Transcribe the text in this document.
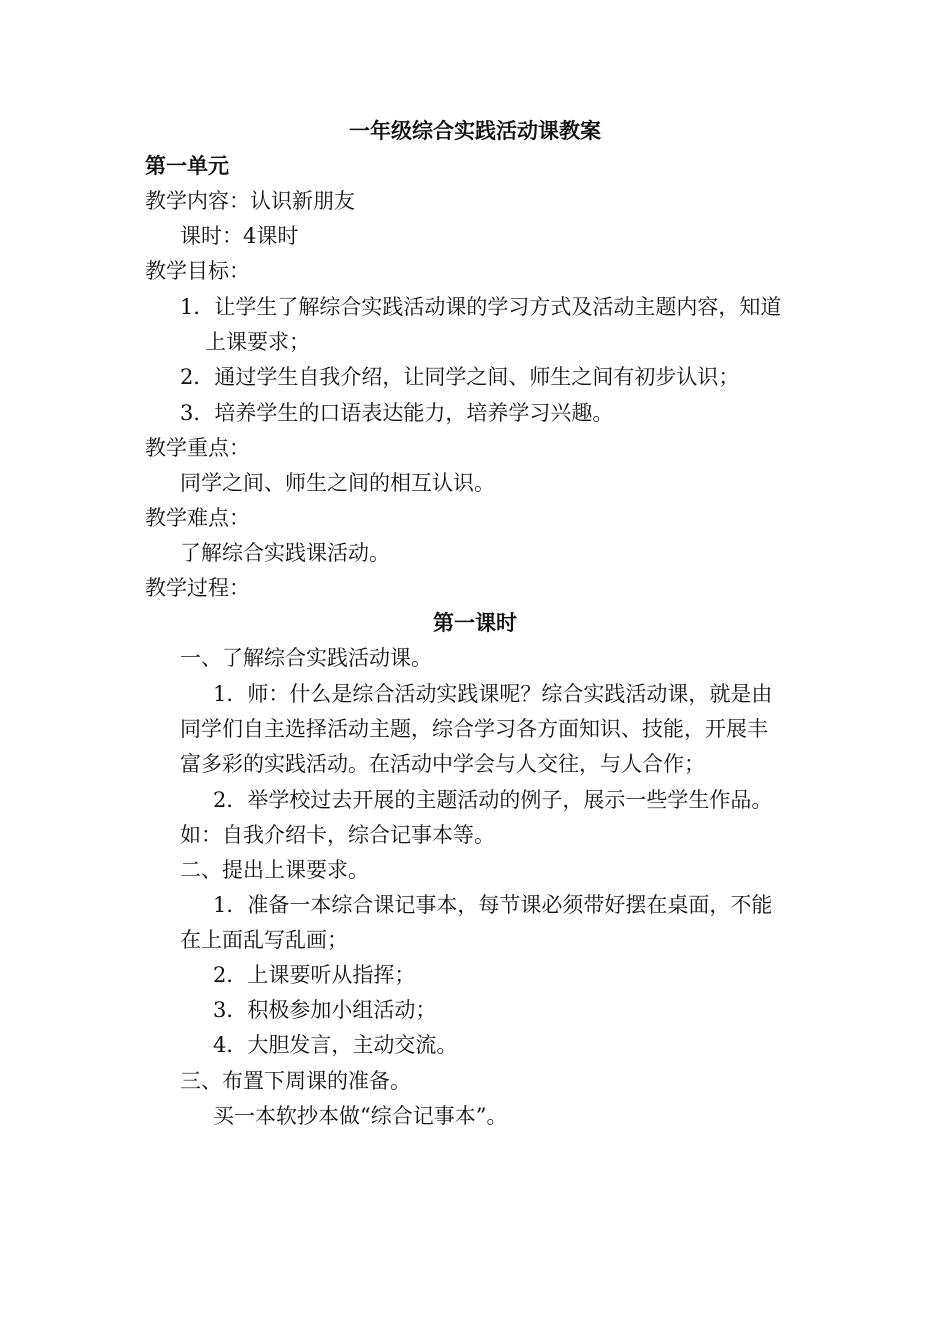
一年级综合实践活动课教案
第一单元
教学内容：认识新朋友
课时：4课时
教学目标：
1．让学生了解综合实践活动课的学习方式及活动主题内容，知道
上课要求；
2．通过学生自我介绍，让同学之间、师生之间有初步认识；
3．培养学生的口语表达能力，培养学习兴趣。
教学重点：
同学之间、师生之间的相互认识。
教学难点：
了解综合实践课活动。
教学过程：
第一课时
一、了解综合实践活动课。
1．师：什么是综合活动实践课呢？综合实践活动课，就是由
同学们自主选择活动主题，综合学习各方面知识、技能，开展丰
富多彩的实践活动。在活动中学会与人交往，与人合作；
2．举学校过去开展的主题活动的例子，展示一些学生作品。
如：自我介绍卡，综合记事本等。
二、提出上课要求。
1．准备一本综合课记事本，每节课必须带好摆在桌面，不能
在上面乱写乱画；
2．上课要听从指挥；
3．积极参加小组活动；
4．大胆发言，主动交流。
三、布置下周课的准备。
买一本软抄本做“综合记事本”。
